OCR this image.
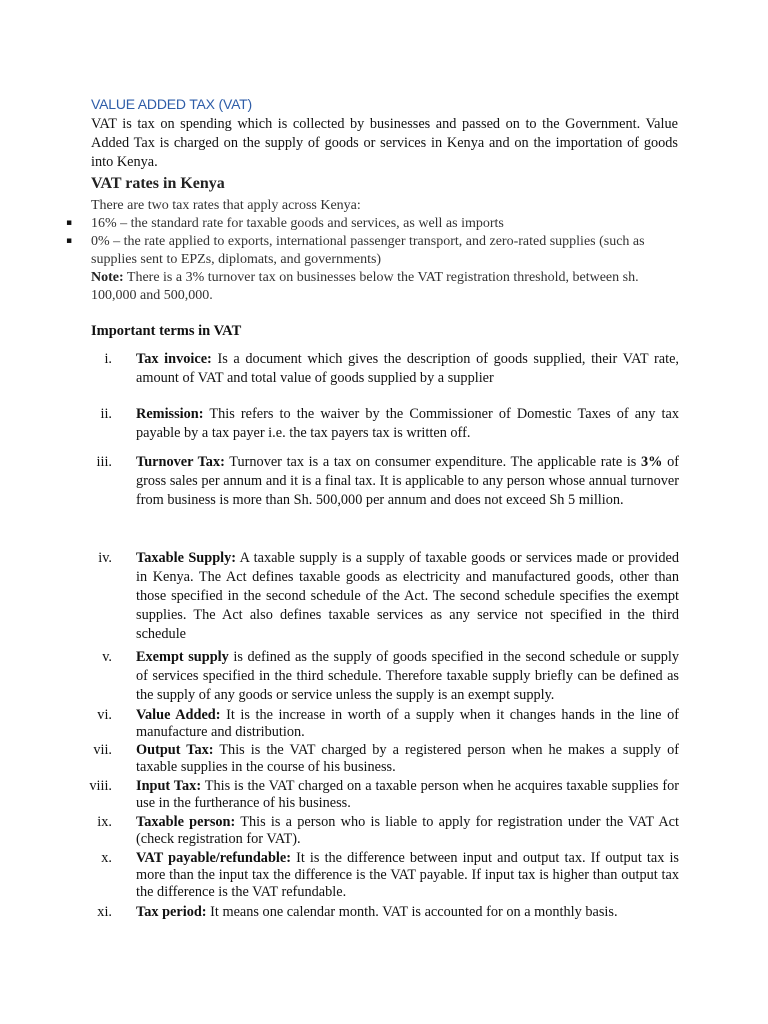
VALUE ADDED TAX (VAT)
VAT is tax on spending which is collected by businesses and passed on to the Government. Value Added Tax is charged on the supply of goods or services in Kenya and on the importation of goods into Kenya.
VAT rates in Kenya
There are two tax rates that apply across Kenya:
▪ 16% – the standard rate for taxable goods and services, as well as imports
▪ 0% – the rate applied to exports, international passenger transport, and zero-rated supplies (such as supplies sent to EPZs, diplomats, and governments)
Note: There is a 3% turnover tax on businesses below the VAT registration threshold, between sh. 100,000 and 500,000.
Important terms in VAT
i. Tax invoice: Is a document which gives the description of goods supplied, their VAT rate, amount of VAT and total value of goods supplied by a supplier
ii. Remission: This refers to the waiver by the Commissioner of Domestic Taxes of any tax payable by a tax payer i.e. the tax payers tax is written off.
iii. Turnover Tax: Turnover tax is a tax on consumer expenditure. The applicable rate is 3% of gross sales per annum and it is a final tax. It is applicable to any person whose annual turnover from business is more than Sh. 500,000 per annum and does not exceed Sh 5 million.
iv. Taxable Supply: A taxable supply is a supply of taxable goods or services made or provided in Kenya. The Act defines taxable goods as electricity and manufactured goods, other than those specified in the second schedule of the Act. The second schedule specifies the exempt supplies. The Act also defines taxable services as any service not specified in the third schedule
v. Exempt supply is defined as the supply of goods specified in the second schedule or supply of services specified in the third schedule. Therefore taxable supply briefly can be defined as the supply of any goods or service unless the supply is an exempt supply.
vi. Value Added: It is the increase in worth of a supply when it changes hands in the line of manufacture and distribution.
vii. Output Tax: This is the VAT charged by a registered person when he makes a supply of taxable supplies in the course of his business.
viii. Input Tax: This is the VAT charged on a taxable person when he acquires taxable supplies for use in the furtherance of his business.
ix. Taxable person: This is a person who is liable to apply for registration under the VAT Act (check registration for VAT).
x. VAT payable/refundable: It is the difference between input and output tax. If output tax is more than the input tax the difference is the VAT payable. If input tax is higher than output tax the difference is the VAT refundable.
xi. Tax period: It means one calendar month. VAT is accounted for on a monthly basis.
